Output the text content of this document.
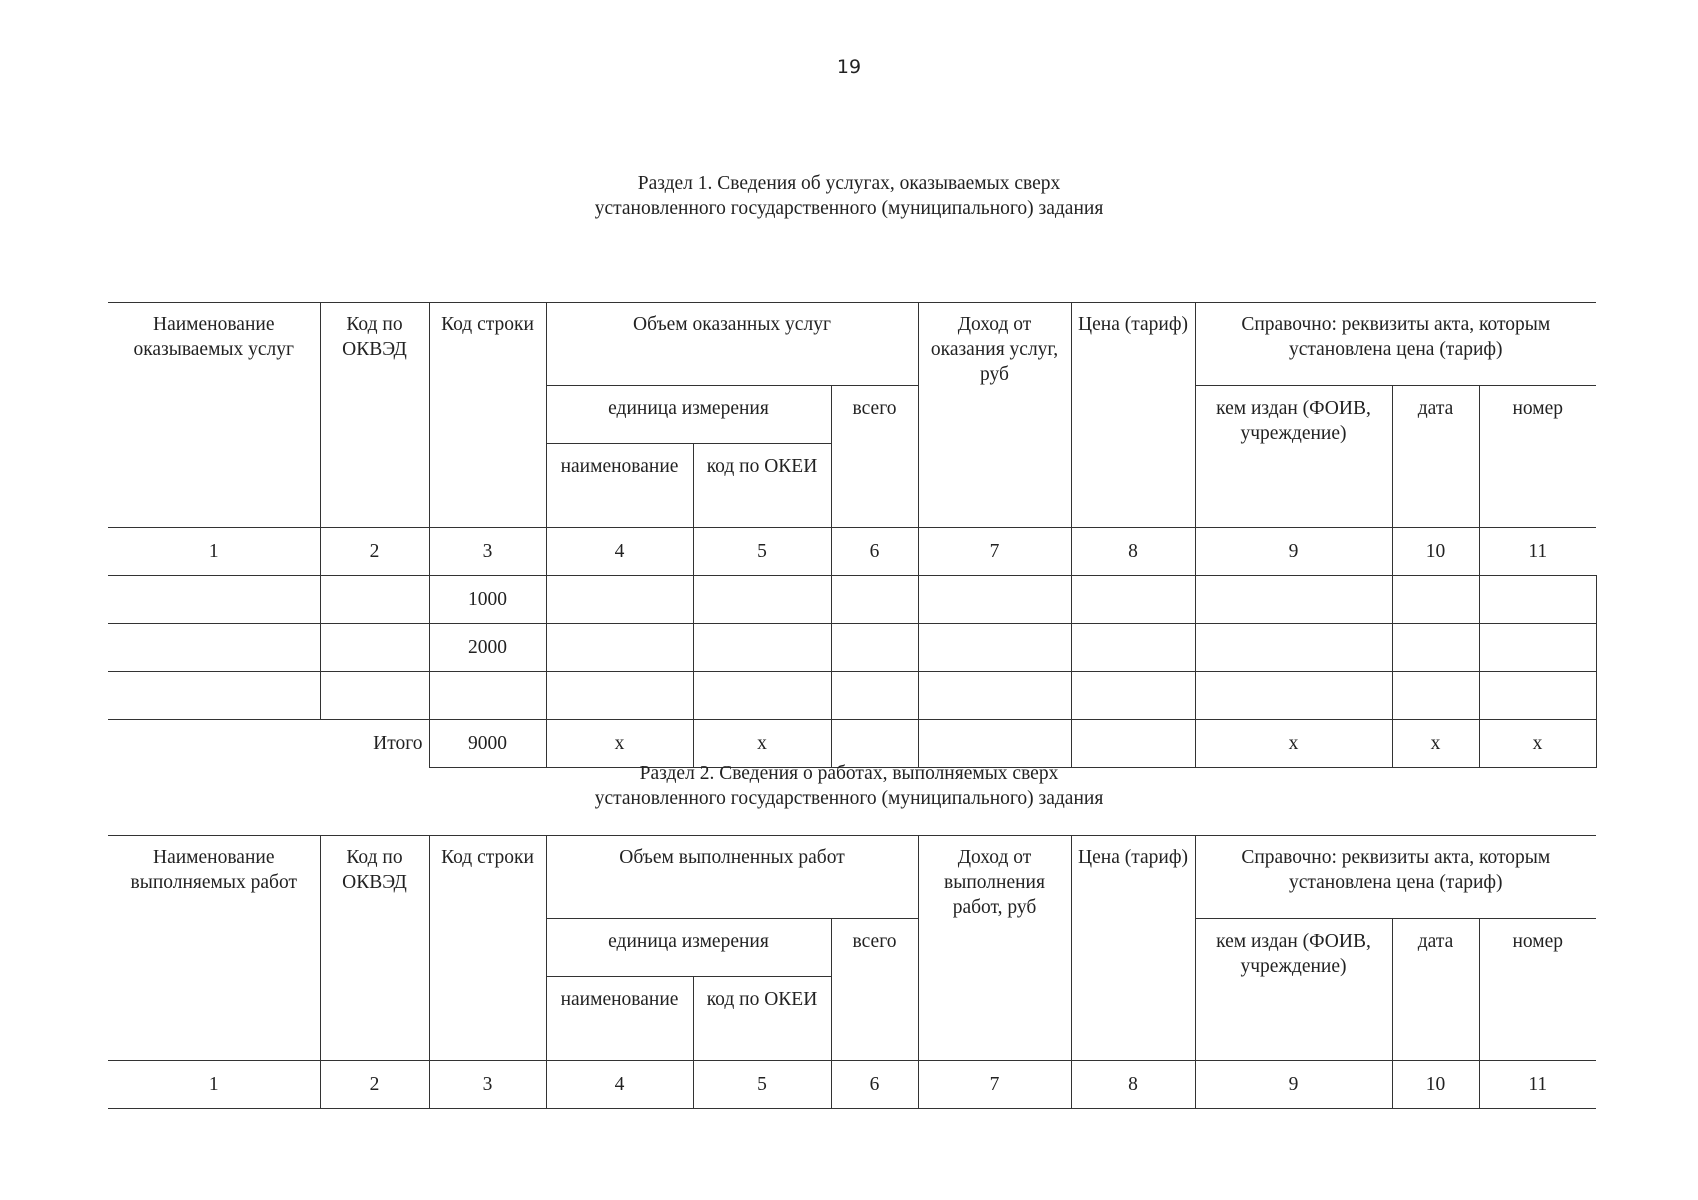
19
Раздел 1. Сведения об услугах, оказываемых сверх
установленного государственного (муниципального) задания
Наименование оказываемых услуг	Код по ОКВЭД	Код строки	Объем оказанных услуг			Доход от оказания услуг, руб	Цена (тариф)	Справочно: реквизиты акта, которым установлена цена (тариф)		
			единица измерения		всего			кем издан (ФОИВ, учреждение)	дата	номер
			наименование	код по ОКЕИ						
1	2	3	4	5	6	7	8	9	10	11
		1000								
		2000								

Итого		9000	х	х				х	х	х
Раздел 2. Сведения о работах, выполняемых сверх
установленного государственного (муниципального) задания
Наименование выполняемых работ	Код по ОКВЭД	Код строки	Объем выполненных работ			Доход от выполнения работ, руб	Цена (тариф)	Справочно: реквизиты акта, которым установлена цена (тариф)		
			единица измерения		всего			кем издан (ФОИВ, учреждение)	дата	номер
			наименование	код по ОКЕИ						
1	2	3	4	5	6	7	8	9	10	11
